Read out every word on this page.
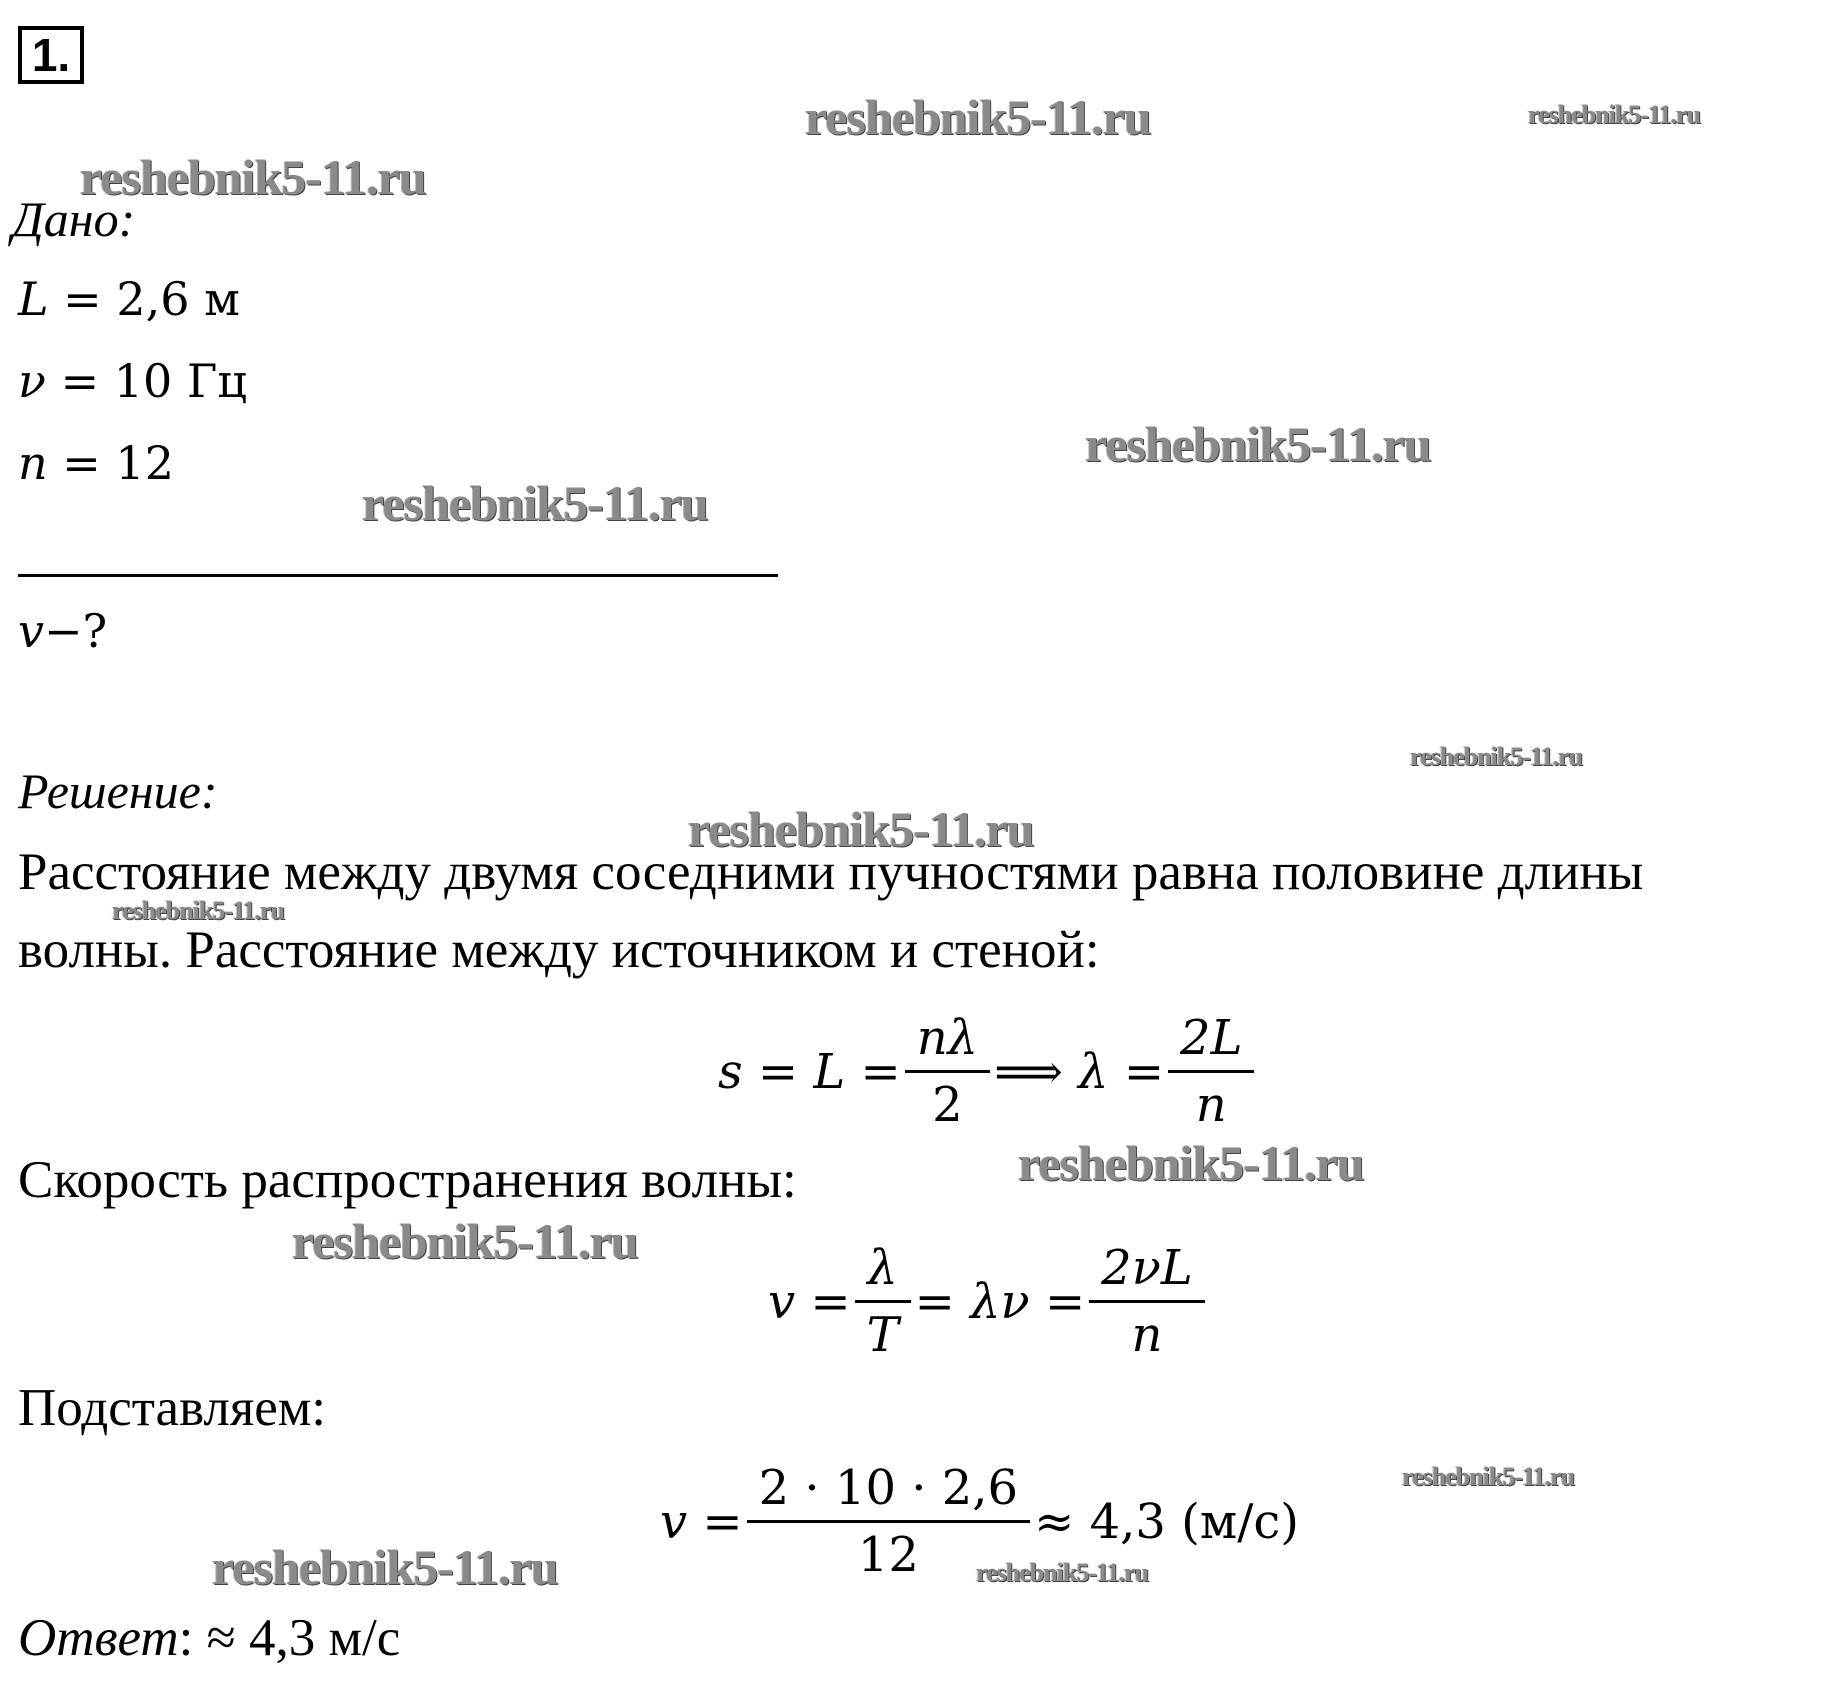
1.
Дано:
L = 2,6 м
ν = 10 Гц
n = 12
v−?
Решение:
Расстояние между двумя соседними пучностями равна половине длины
волны. Расстояние между источником и стеной:
$s = L = \frac{n\lambda}{2}$ ⟹ $\lambda = \frac{2L}{n}$
Скорость распространения волны:
$v = \frac{\lambda}{T} = \lambda\nu = \frac{2\nu L}{n}$
Подставляем:
$v = \frac{2 \cdot 10 \cdot 2,6}{12} \approx 4,3$ (м/с)
Ответ: ≈ 4,3 м/с
reshebnik5-11.ru	reshebnik5-11.ru
reshebnik5-11.ru
reshebnik5-11.ru
reshebnik5-11.ru
reshebnik5-11.ru
reshebnik5-11.ru
reshebnik5-11.ru
reshebnik5-11.ru
reshebnik5-11.ru
reshebnik5-11.ru
reshebnik5-11.ru	reshebnik5-11.ru
